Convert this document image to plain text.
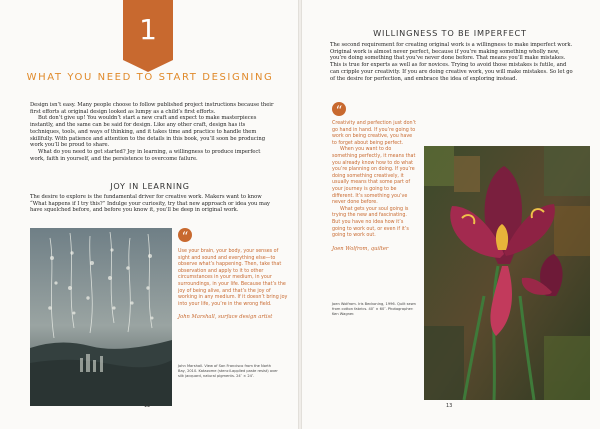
1
WHAT YOU NEED TO START DESIGNING

Design isn’t easy. Many people choose to follow published project instructions because their first efforts at original design looked as lumpy as a child’s first efforts.

But don’t give up! You wouldn’t start a new craft and expect to make masterpieces instantly, and the same can be said for design. Like any other craft, design has its techniques, tools, and ways of thinking, and it takes time and practice to handle them skillfully. With patience and attention to the details in this book, you’ll soon be producing work you’ll be proud to share.

What do you need to get started? Joy in learning, a willingness to produce imperfect work, faith in yourself, and the persistence to overcome failure.

JOY IN LEARNING

The desire to explore is the fundamental driver for creative work. Makers want to know “What happens if I try this?” Indulge your curiosity, try that new approach or idea you may have squelched before, and before you know it, you’ll be deep in original work.

“

Use your brain, your body, your senses of sight and sound and everything else—to observe what’s happening. Then, take that observation and apply to it to other circumstances in your medium, in your surroundings, in your life. Because that’s the joy of being alive, and that’s the joy of working in any medium. If it doesn’t bring joy into your life, you’re in the wrong field.

John Marshall, surface design artist

John Marshall. View of San Francisco from the North Bay, 2010. Katazome (stencil-applied paste resist) over silk jacquard, natural pigments. 24″ × 24″.
12
WILLINGNESS TO BE IMPERFECT

The second requirement for creating original work is a willingness to make imperfect work. Original work is almost never perfect, because if you’re making something wholly new, you’re doing something that you’ve never done before. That means you’ll make mistakes. This is true for experts as well as for novices. Trying to avoid those mistakes is futile, and can cripple your creativity. If you are doing creative work, you will make mistakes. So let go of the desire for perfection, and embrace the idea of exploring instead.

“

Creativity and perfection just don’t go hand in hand. If you’re going to work on being creative, you have to forget about being perfect.

When you want to do something perfectly, it means that you already know how to do what you’re planning on doing. If you’re doing something creatively, it usually means that some part of your journey is going to be different. It’s something you’ve never done before.

What gets your soul going is trying the new and fascinating. But you have no idea how it’s going to work out, or even if it’s going to work out.

Joen Wolfrom, quilter

Joen Wolfrom. Iris Beckoning, 1996. Quilt sewn from cotton fabrics. 40″ × 60″. Photographer: Ken Wagner.
13
